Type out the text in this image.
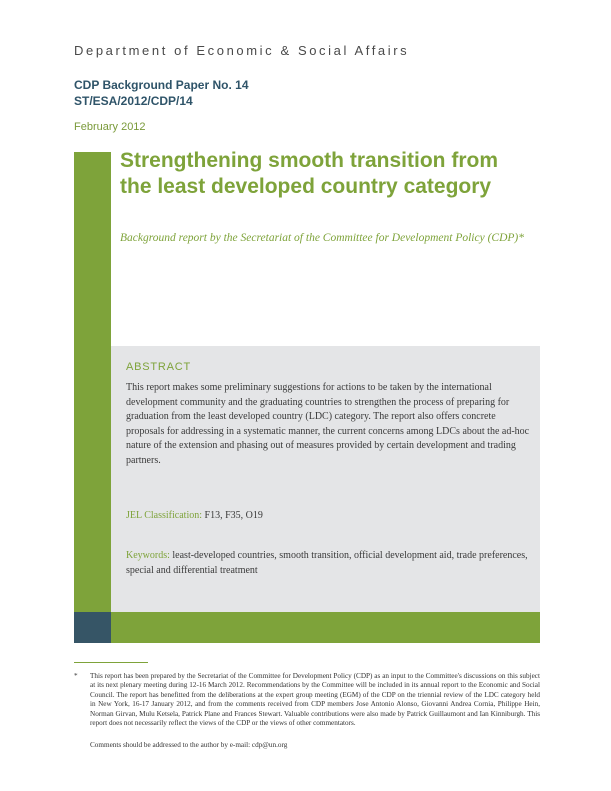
Department of Economic & Social Affairs
CDP Background Paper No. 14
ST/ESA/2012/CDP/14
February 2012
Strengthening smooth transition from
the least developed country category
Background report by the Secretariat of the Committee for Development Policy (CDP)*
ABSTRACT

This report makes some preliminary suggestions for actions to be taken by the international development community and the graduating countries to strengthen the process of preparing for graduation from the least developed country (LDC) category. The report also offers concrete proposals for addressing in a systematic manner, the current concerns among LDCs about the ad-hoc nature of the extension and phasing out of measures provided by certain development and trading partners.

JEL Classification: F13, F35, O19
Keywords: least-developed countries, smooth transition, official development aid, trade preferences, special and differential treatment
* This report has been prepared by the Secretariat of the Committee for Development Policy (CDP) as an input to the Committee's discussions on this subject at its next plenary meeting during 12-16 March 2012. Recommendations by the Committee will be included in its annual report to the Economic and Social Council. The report has benefitted from the deliberations at the expert group meeting (EGM) of the CDP on the triennial review of the LDC category held in New York, 16-17 January 2012, and from the comments received from CDP members Jose Antonio Alonso, Giovanni Andrea Cornia, Philippe Hein, Norman Girvan, Mulu Ketsela, Patrick Plane and Frances Stewart. Valuable contributions were also made by Patrick Guillaumont and Ian Kinniburgh. This report does not necessarily reflect the views of the CDP or the views of other commentators.

Comments should be addressed to the author by e-mail: cdp@un.org
